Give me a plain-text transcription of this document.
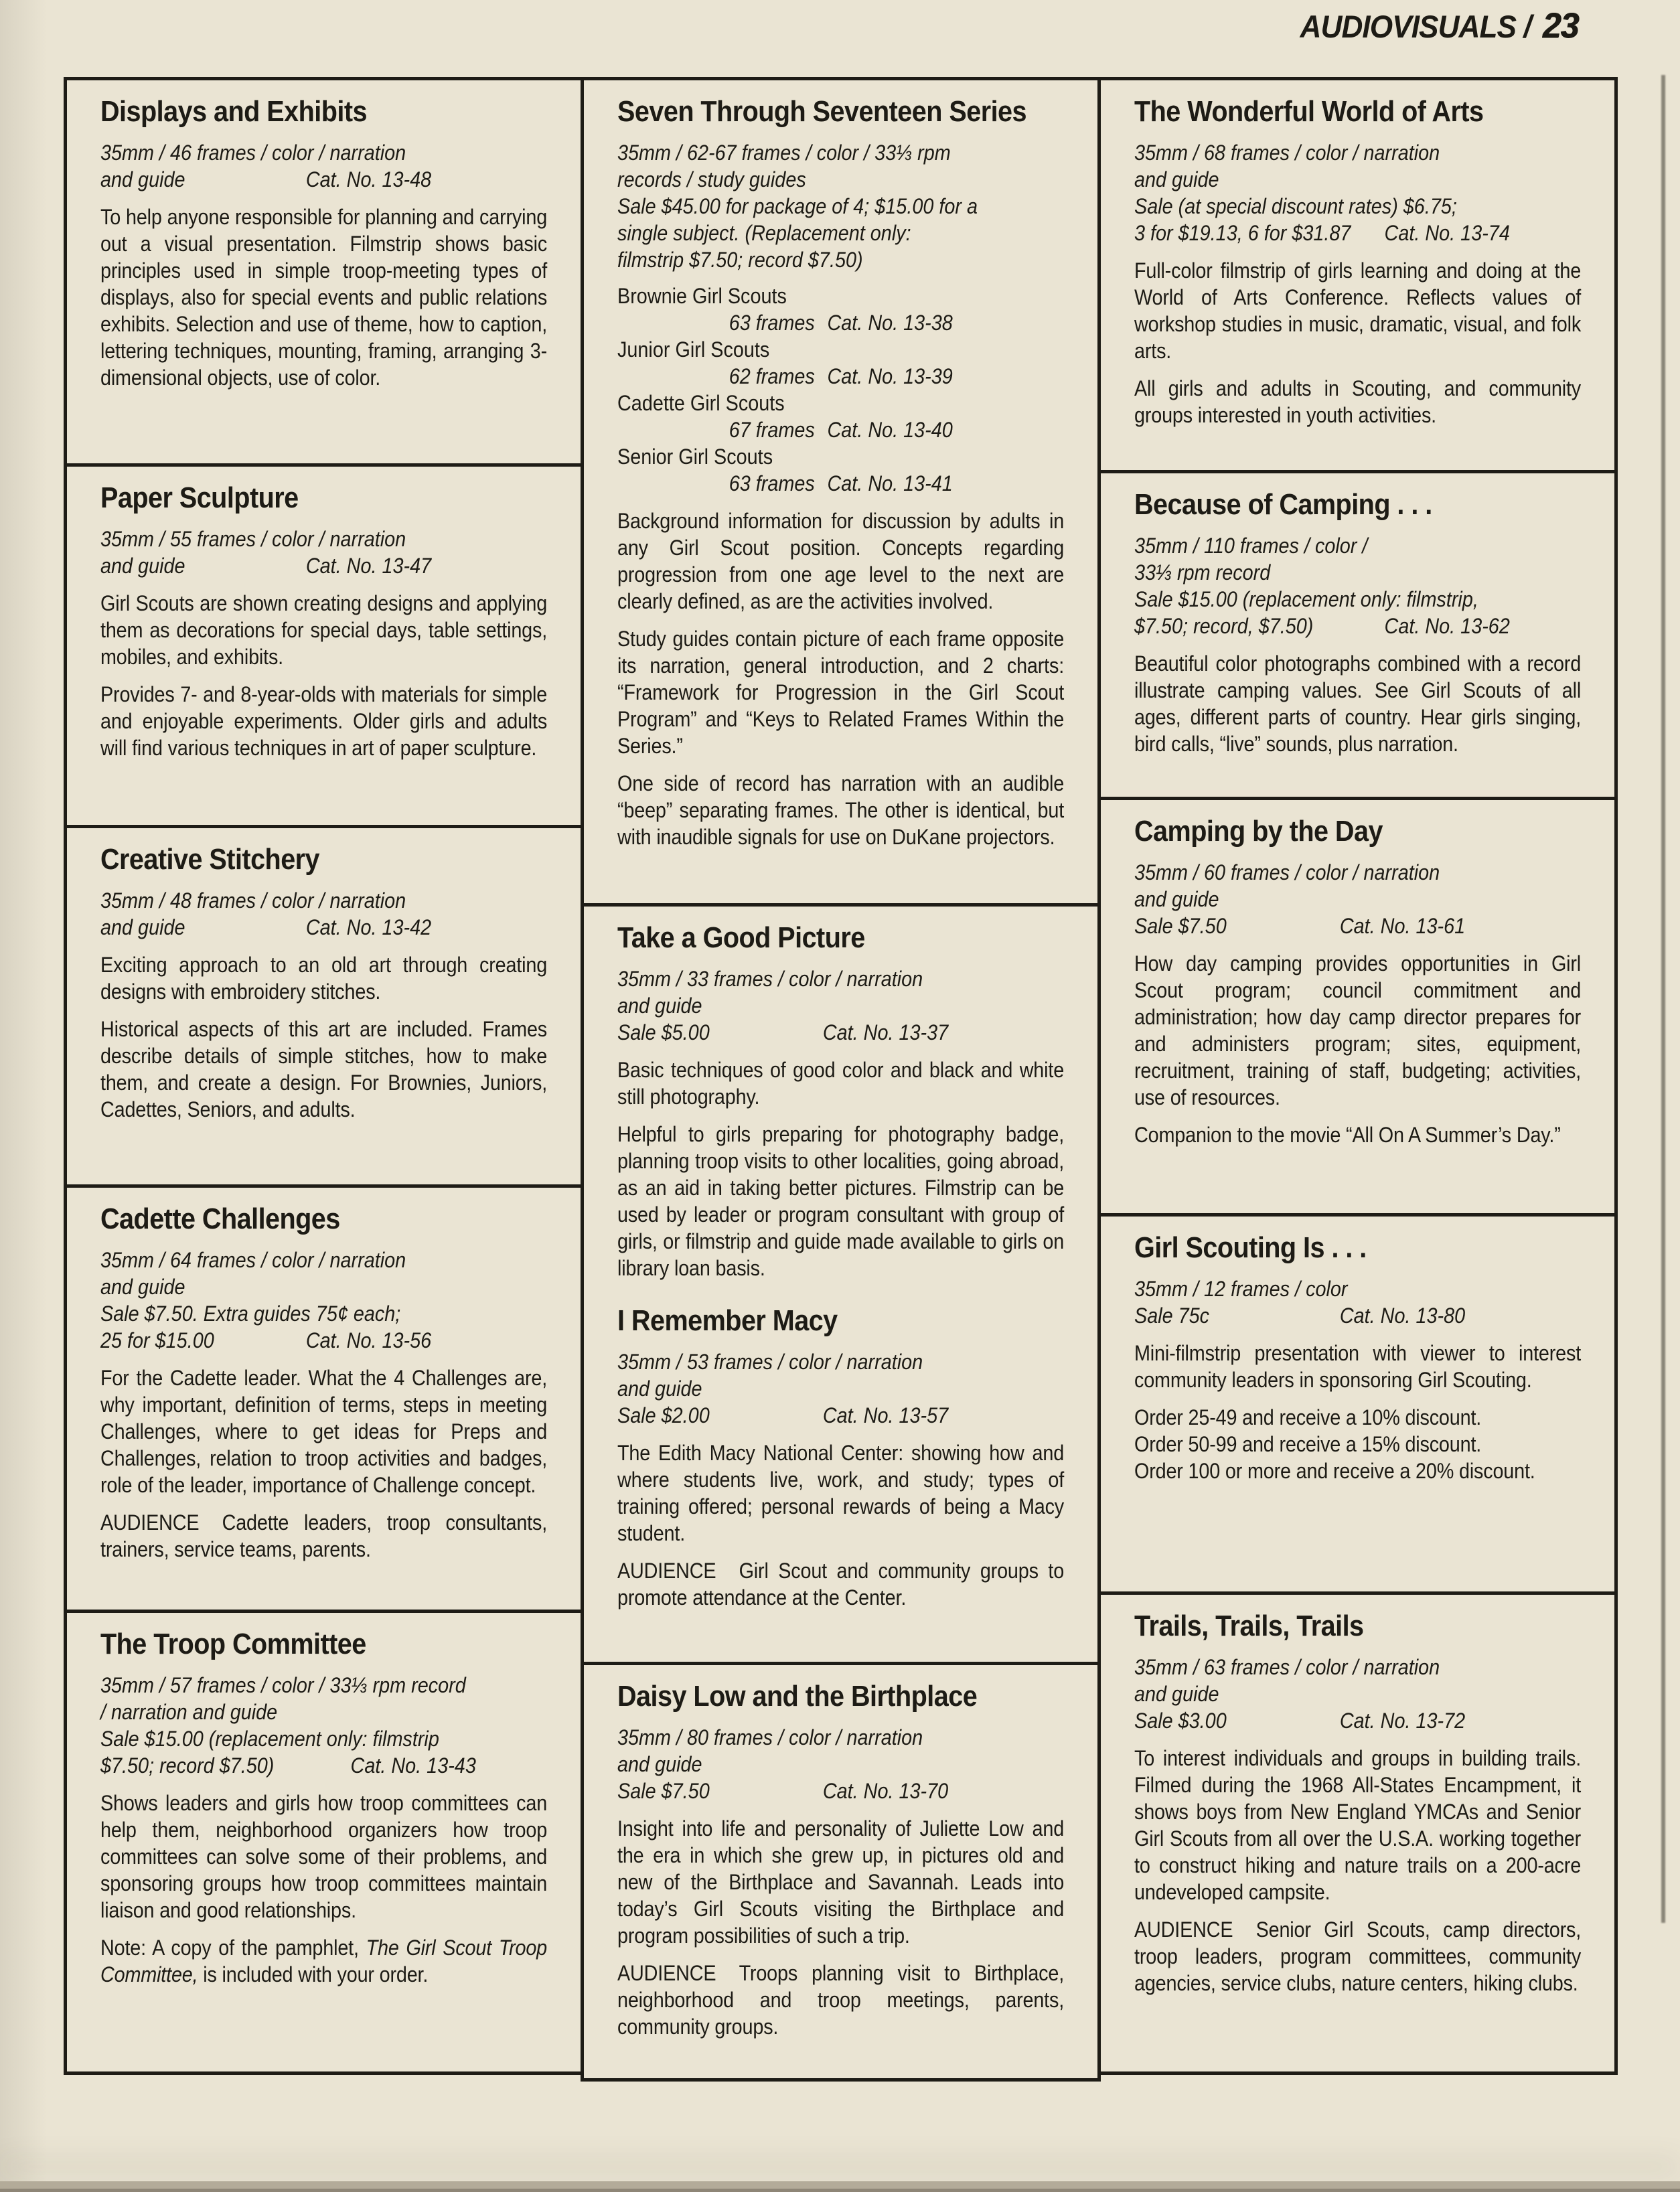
AUDIOVISUALS / 23
Displays and Exhibits
35mm / 46 frames / color / narration
and guide	Cat. No. 13-48
To help anyone responsible for planning and carrying out a visual presentation. Filmstrip shows basic principles used in simple troop-meeting types of displays, also for special events and public relations exhibits. Selection and use of theme, how to caption, lettering techniques, mounting, framing, arranging 3-dimensional objects, use of color.
Paper Sculpture
35mm / 55 frames / color / narration
and guide	Cat. No. 13-47
Girl Scouts are shown creating designs and applying them as decorations for special days, table settings, mobiles, and exhibits.
Provides 7- and 8-year-olds with materials for simple and enjoyable experiments. Older girls and adults will find various techniques in art of paper sculpture.
Creative Stitchery
35mm / 48 frames / color / narration
and guide	Cat. No. 13-42
Exciting approach to an old art through creating designs with embroidery stitches.
Historical aspects of this art are included. Frames describe details of simple stitches, how to make them, and create a design. For Brownies, Juniors, Cadettes, Seniors, and adults.
Cadette Challenges
35mm / 64 frames / color / narration
and guide
Sale $7.50. Extra guides 75¢ each;
25 for $15.00	Cat. No. 13-56
For the Cadette leader. What the 4 Challenges are, why important, definition of terms, steps in meeting Challenges, where to get ideas for Preps and Challenges, relation to troop activities and badges, role of the leader, importance of Challenge concept.
AUDIENCE Cadette leaders, troop consultants, trainers, service teams, parents.
The Troop Committee
35mm / 57 frames / color / 33⅓ rpm record
/ narration and guide
Sale $15.00 (replacement only: filmstrip
$7.50; record $7.50)	Cat. No. 13-43
Shows leaders and girls how troop committees can help them, neighborhood organizers how troop committees can solve some of their problems, and sponsoring groups how troop committees maintain liaison and good relationships.
Note: A copy of the pamphlet, The Girl Scout Troop Committee, is included with your order.
Seven Through Seventeen Series
35mm / 62-67 frames / color / 33⅓ rpm
records / study guides
Sale $45.00 for package of 4; $15.00 for a
single subject. (Replacement only:
filmstrip $7.50; record $7.50)
Brownie Girl Scouts
63 frames Cat. No. 13-38
Junior Girl Scouts
62 frames Cat. No. 13-39
Cadette Girl Scouts
67 frames Cat. No. 13-40
Senior Girl Scouts
63 frames Cat. No. 13-41
Background information for discussion by adults in any Girl Scout position. Concepts regarding progression from one age level to the next are clearly defined, as are the activities involved.
Study guides contain picture of each frame opposite its narration, general introduction, and 2 charts: “Framework for Progression in the Girl Scout Program” and “Keys to Related Frames Within the Series.”
One side of record has narration with an audible “beep” separating frames. The other is identical, but with inaudible signals for use on DuKane projectors.
Take a Good Picture
35mm / 33 frames / color / narration
and guide
Sale $5.00	Cat. No. 13-37
Basic techniques of good color and black and white still photography.
Helpful to girls preparing for photography badge, planning troop visits to other localities, going abroad, as an aid in taking better pictures. Filmstrip can be used by leader or program consultant with group of girls, or filmstrip and guide made available to girls on library loan basis.
I Remember Macy
35mm / 53 frames / color / narration
and guide
Sale $2.00	Cat. No. 13-57
The Edith Macy National Center: showing how and where students live, work, and study; types of training offered; personal rewards of being a Macy student.
AUDIENCE Girl Scout and community groups to promote attendance at the Center.
Daisy Low and the Birthplace
35mm / 80 frames / color / narration
and guide
Sale $7.50	Cat. No. 13-70
Insight into life and personality of Juliette Low and the era in which she grew up, in pictures old and new of the Birthplace and Savannah. Leads into today’s Girl Scouts visiting the Birthplace and program possibilities of such a trip.
AUDIENCE Troops planning visit to Birthplace, neighborhood and troop meetings, parents, community groups.
The Wonderful World of Arts
35mm / 68 frames / color / narration
and guide
Sale (at special discount rates) $6.75;
3 for $19.13, 6 for $31.87 Cat. No. 13-74
Full-color filmstrip of girls learning and doing at the World of Arts Conference. Reflects values of workshop studies in music, dramatic, visual, and folk arts.
All girls and adults in Scouting, and community groups interested in youth activities.
Because of Camping . . .
35mm / 110 frames / color /
33⅓ rpm record
Sale $15.00 (replacement only: filmstrip,
$7.50; record, $7.50)	Cat. No. 13-62
Beautiful color photographs combined with a record illustrate camping values. See Girl Scouts of all ages, different parts of country. Hear girls singing, bird calls, “live” sounds, plus narration.
Camping by the Day
35mm / 60 frames / color / narration
and guide
Sale $7.50	Cat. No. 13-61
How day camping provides opportunities in Girl Scout program; council commitment and administration; how day camp director prepares for and administers program; sites, equipment, recruitment, training of staff, budgeting; activities, use of resources.
Companion to the movie “All On A Summer’s Day.”
Girl Scouting Is . . .
35mm / 12 frames / color
Sale 75c	Cat. No. 13-80
Mini-filmstrip presentation with viewer to interest community leaders in sponsoring Girl Scouting.
Order 25-49 and receive a 10% discount.
Order 50-99 and receive a 15% discount.
Order 100 or more and receive a 20% discount.
Trails, Trails, Trails
35mm / 63 frames / color / narration
and guide
Sale $3.00	Cat. No. 13-72
To interest individuals and groups in building trails. Filmed during the 1968 All-States Encampment, it shows boys from New England YMCAs and Senior Girl Scouts from all over the U.S.A. working together to construct hiking and nature trails on a 200-acre undeveloped campsite.
AUDIENCE Senior Girl Scouts, camp directors, troop leaders, program committees, community agencies, service clubs, nature centers, hiking clubs.
